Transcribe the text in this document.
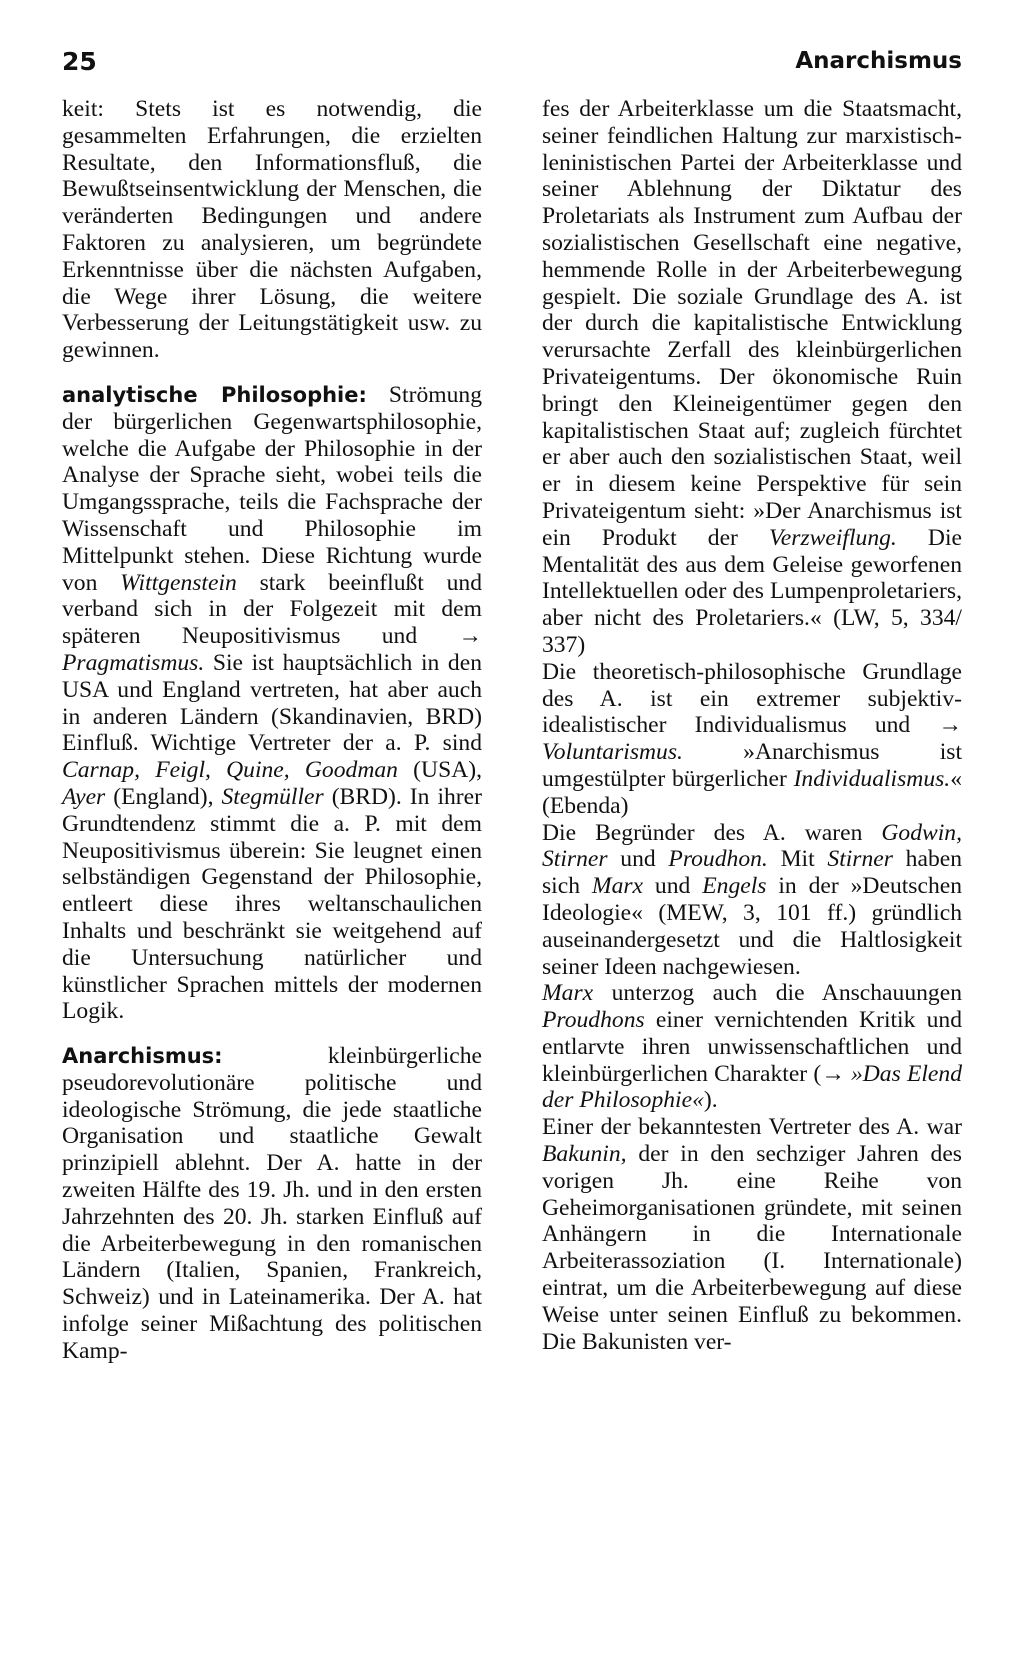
25	Anarchismus

keit: Stets ist es notwendig, die gesammelten Erfahrungen, die erzielten Resultate, den Informationsfluß, die Bewußtseinsentwicklung der Menschen, die veränderten Bedingungen und andere Faktoren zu analysieren, um begründete Erkenntnisse über die nächsten Aufgaben, die Wege ihrer Lösung, die weitere Verbesserung der Leitungstätigkeit usw. zu gewinnen.

analytische Philosophie: Strömung der bürgerlichen Gegenwartsphilosophie, welche die Aufgabe der Philosophie in der Analyse der Sprache sieht, wobei teils die Umgangssprache, teils die Fachsprache der Wissenschaft und Philosophie im Mittelpunkt stehen. Diese Richtung wurde von Wittgenstein stark beeinflußt und verband sich in der Folgezeit mit dem späteren Neupositivismus und → Pragmatismus. Sie ist hauptsächlich in den USA und England vertreten, hat aber auch in anderen Ländern (Skandinavien, BRD) Einfluß. Wichtige Vertreter der a. P. sind Carnap, Feigl, Quine, Goodman (USA), Ayer (England), Stegmüller (BRD). In ihrer Grundtendenz stimmt die a. P. mit dem Neupositivismus überein: Sie leugnet einen selbständigen Gegenstand der Philosophie, entleert diese ihres weltanschaulichen Inhalts und beschränkt sie weitgehend auf die Untersuchung natürlicher und künstlicher Sprachen mittels der modernen Logik.

Anarchismus: kleinbürgerliche pseudorevolutionäre politische und ideologische Strömung, die jede staatliche Organisation und staatliche Gewalt prinzipiell ablehnt. Der A. hatte in der zweiten Hälfte des 19. Jh. und in den ersten Jahrzehnten des 20. Jh. starken Einfluß auf die Arbeiterbewegung in den romanischen Ländern (Italien, Spanien, Frankreich, Schweiz) und in Lateinamerika. Der A. hat infolge seiner Mißachtung des politischen Kamp-

fes der Arbeiterklasse um die Staatsmacht, seiner feindlichen Haltung zur marxistisch-leninistischen Partei der Arbeiterklasse und seiner Ablehnung der Diktatur des Proletariats als Instrument zum Aufbau der sozialistischen Gesellschaft eine negative, hemmende Rolle in der Arbeiterbewegung gespielt. Die soziale Grundlage des A. ist der durch die kapitalistische Entwicklung verursachte Zerfall des kleinbürgerlichen Privateigentums. Der ökonomische Ruin bringt den Kleineigentümer gegen den kapitalistischen Staat auf; zugleich fürchtet er aber auch den sozialistischen Staat, weil er in diesem keine Perspektive für sein Privateigentum sieht: »Der Anarchismus ist ein Produkt der Verzweiflung. Die Mentalität des aus dem Geleise geworfenen Intellektuellen oder des Lumpenproletariers, aber nicht des Proletariers.« (LW, 5, 334/ 337)

Die theoretisch-philosophische Grundlage des A. ist ein extremer subjektiv-idealistischer Individualismus und → Voluntarismus. »Anarchismus ist umgestülpter bürgerlicher Individualismus.« (Ebenda)

Die Begründer des A. waren Godwin, Stirner und Proudhon. Mit Stirner haben sich Marx und Engels in der »Deutschen Ideologie« (MEW, 3, 101 ff.) gründlich auseinandergesetzt und die Haltlosigkeit seiner Ideen nachgewiesen.

Marx unterzog auch die Anschauungen Proudhons einer vernichtenden Kritik und entlarvte ihren unwissenschaftlichen und kleinbürgerlichen Charakter (→ »Das Elend der Philosophie«).

Einer der bekanntesten Vertreter des A. war Bakunin, der in den sechziger Jahren des vorigen Jh. eine Reihe von Geheimorganisationen gründete, mit seinen Anhängern in die Internationale Arbeiterassoziation (I. Internationale) eintrat, um die Arbeiterbewegung auf diese Weise unter seinen Einfluß zu bekommen. Die Bakunisten ver-
